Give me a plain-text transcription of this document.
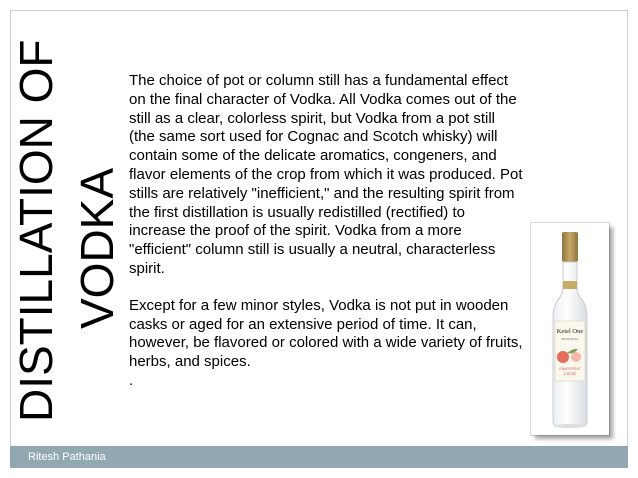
DISTILLATION OF VODKA

The choice of pot or column still has a fundamental effect on the final character of Vodka. All Vodka comes out of the still as a clear, colorless spirit, but Vodka from a pot still (the same sort used for Cognac and Scotch whisky) will contain some of the delicate aromatics, congeners, and flavor elements of the crop from which it was produced. Pot stills are relatively "inefficient," and the resulting spirit from the first distillation is usually redistilled (rectified) to increase the proof of the spirit. Vodka from a more "efficient" column still is usually a neutral, characterless spirit.

Except for a few minor styles, Vodka is not put in wooden casks or aged for an extensive period of time. It can, however, be flavored or colored with a wide variety of fruits, herbs, and spices.

.

Ketel One
BOTANICAL
GRAPEFRUIT
& ROSE
Ritesh Pathania
